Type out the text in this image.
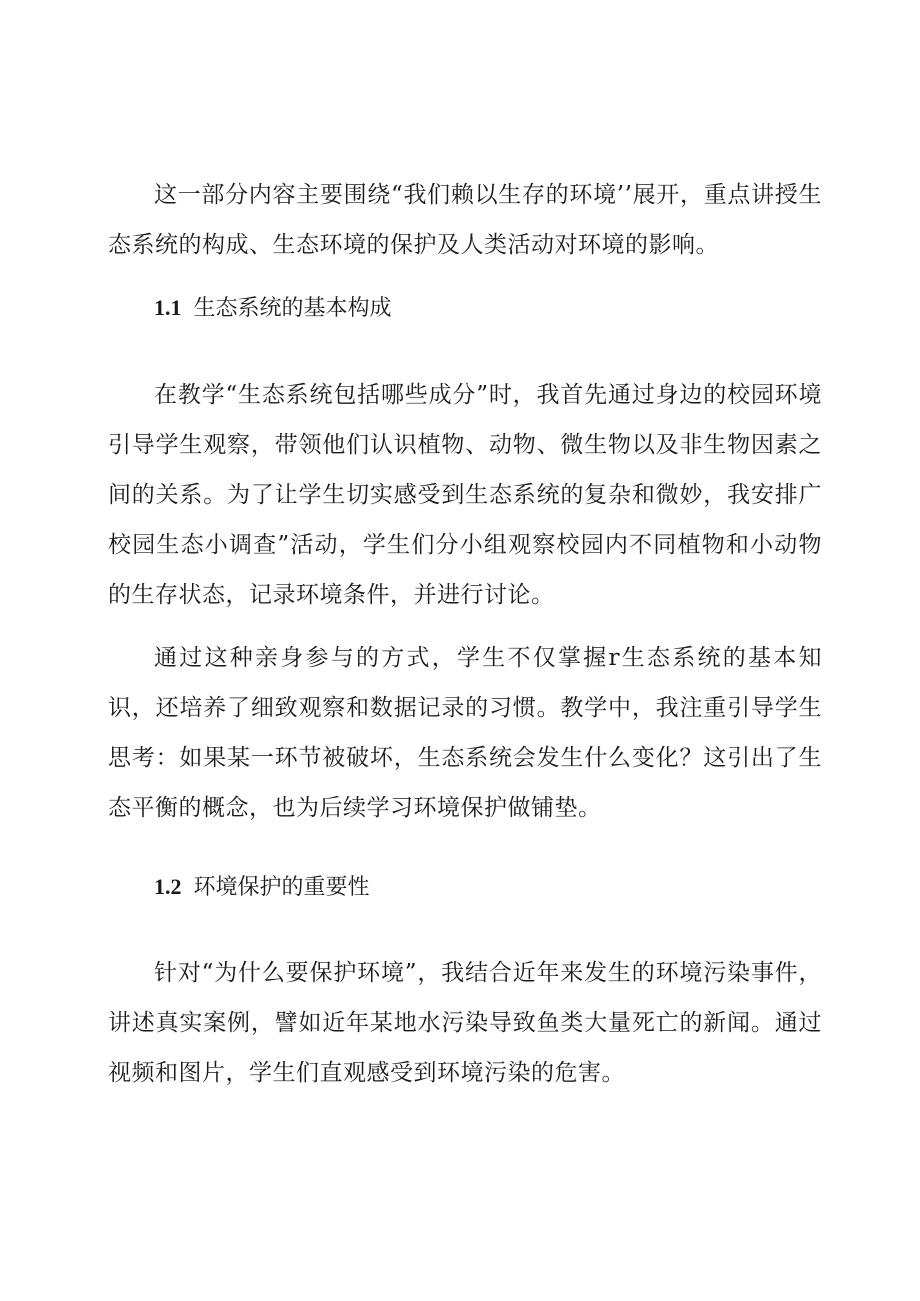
这一部分内容主要围绕“我们赖以生存的环境’’展开，重点讲授生态系统的构成、生态环境的保护及人类活动对环境的影响。

1.1 生态系统的基本构成

在教学“生态系统包括哪些成分”时，我首先通过身边的校园环境引导学生观察，带领他们认识植物、动物、微生物以及非生物因素之间的关系。为了让学生切实感受到生态系统的复杂和微妙，我安排广校园生态小调查”活动，学生们分小组观察校园内不同植物和小动物的生存状态，记录环境条件，并进行讨论。

通过这种亲身参与的方式，学生不仅掌握r生态系统的基本知识，还培养了细致观察和数据记录的习惯。教学中，我注重引导学生思考：如果某一环节被破坏，生态系统会发生什么变化？这引出了生态平衡的概念，也为后续学习环境保护做铺垫。

1.2 环境保护的重要性

针对“为什么要保护环境”，我结合近年来发生的环境污染事件，讲述真实案例，譬如近年某地水污染导致鱼类大量死亡的新闻。通过视频和图片，学生们直观感受到环境污染的危害。
